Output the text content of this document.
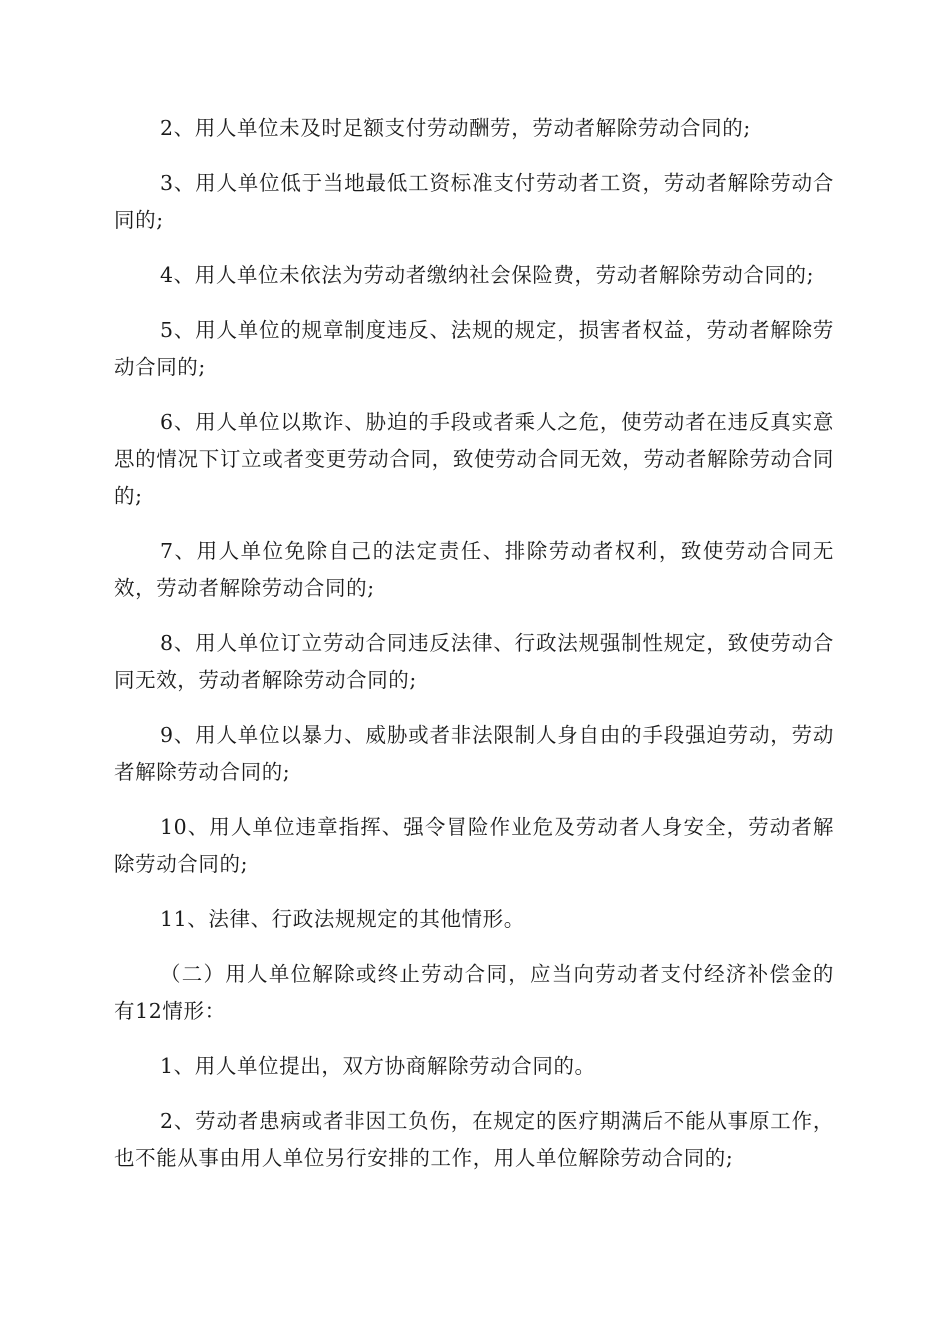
2、用人单位未及时足额支付劳动酬劳，劳动者解除劳动合同的;

3、用人单位低于当地最低工资标准支付劳动者工资，劳动者解除劳动合同的;

4、用人单位未依法为劳动者缴纳社会保险费，劳动者解除劳动合同的;

5、用人单位的规章制度违反、法规的规定，损害者权益，劳动者解除劳动合同的;

6、用人单位以欺诈、胁迫的手段或者乘人之危，使劳动者在违反真实意思的情况下订立或者变更劳动合同，致使劳动合同无效，劳动者解除劳动合同的;

7、用人单位免除自己的法定责任、排除劳动者权利，致使劳动合同无效，劳动者解除劳动合同的;

8、用人单位订立劳动合同违反法律、行政法规强制性规定，致使劳动合同无效，劳动者解除劳动合同的;

9、用人单位以暴力、威胁或者非法限制人身自由的手段强迫劳动，劳动者解除劳动合同的;

10、用人单位违章指挥、强令冒险作业危及劳动者人身安全，劳动者解除劳动合同的;

11、法律、行政法规规定的其他情形。

（二）用人单位解除或终止劳动合同，应当向劳动者支付经济补偿金的有12情形：

1、用人单位提出，双方协商解除劳动合同的。

2、劳动者患病或者非因工负伤，在规定的医疗期满后不能从事原工作，也不能从事由用人单位另行安排的工作，用人单位解除劳动合同的;
